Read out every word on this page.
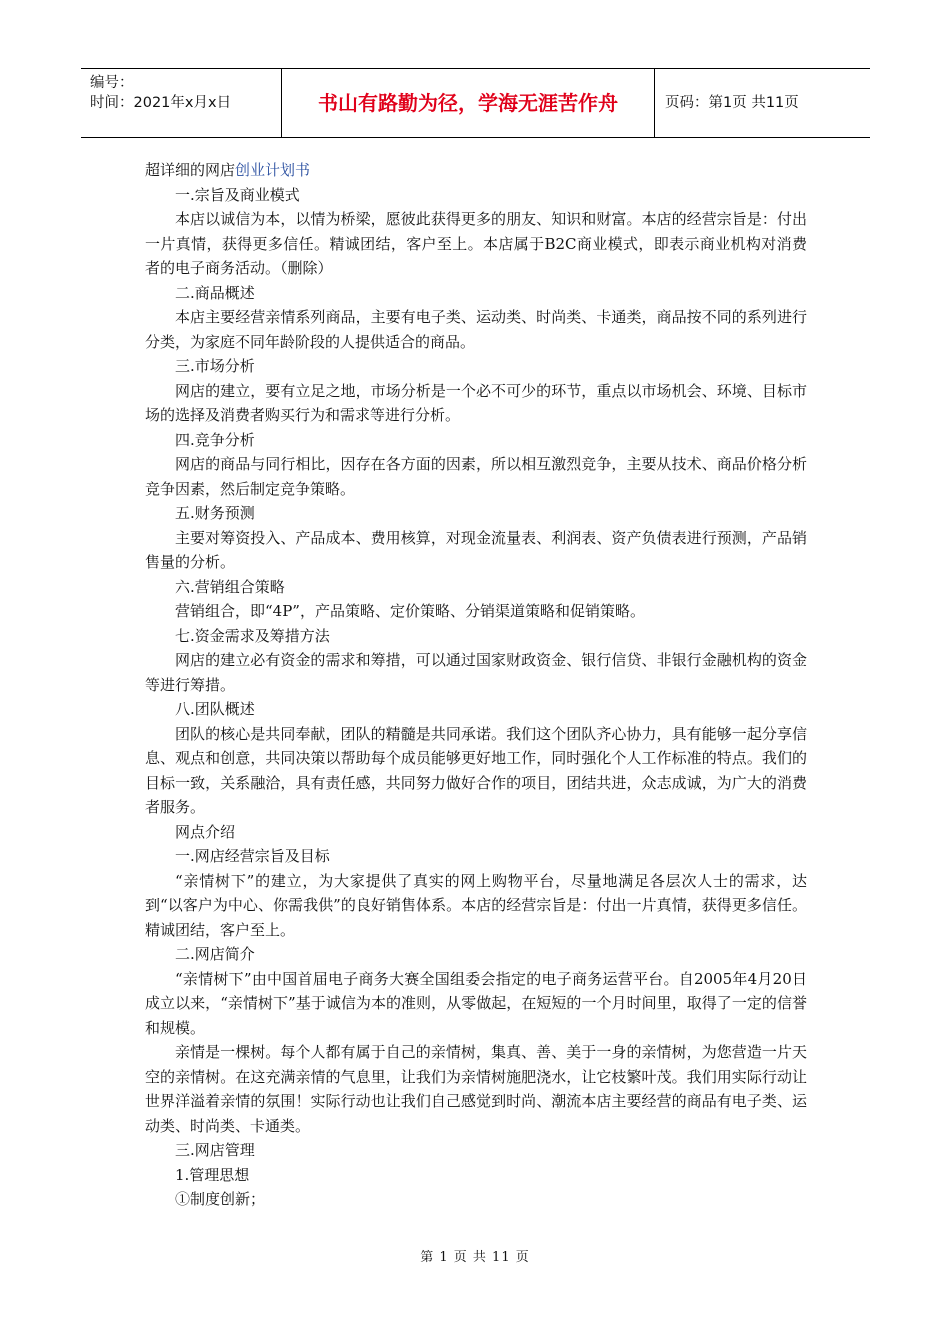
编号：
时间：2021年x月x日	书山有路勤为径，学海无涯苦作舟	页码：第1页 共11页
超详细的网店创业计划书
一.宗旨及商业模式

本店以诚信为本，以情为桥梁，愿彼此获得更多的朋友、知识和财富。本店的经营宗旨是：付出一片真情，获得更多信任。精诚团结，客户至上。本店属于B2C商业模式，即表示商业机构对消费者的电子商务活动。（删除）

二.商品概述

本店主要经营亲情系列商品，主要有电子类、运动类、时尚类、卡通类，商品按不同的系列进行分类，为家庭不同年龄阶段的人提供适合的商品。

三.市场分析

网店的建立，要有立足之地，市场分析是一个必不可少的环节，重点以市场机会、环境、目标市场的选择及消费者购买行为和需求等进行分析。

四.竞争分析

网店的商品与同行相比，因存在各方面的因素，所以相互激烈竞争，主要从技术、商品价格分析竞争因素，然后制定竞争策略。

五.财务预测

主要对筹资投入、产品成本、费用核算，对现金流量表、利润表、资产负债表进行预测，产品销售量的分析。

六.营销组合策略

营销组合，即“4P”，产品策略、定价策略、分销渠道策略和促销策略。

七.资金需求及筹措方法

网店的建立必有资金的需求和筹措，可以通过国家财政资金、银行信贷、非银行金融机构的资金等进行筹措。

八.团队概述

团队的核心是共同奉献，团队的精髓是共同承诺。我们这个团队齐心协力，具有能够一起分享信息、观点和创意，共同决策以帮助每个成员能够更好地工作，同时强化个人工作标准的特点。我们的目标一致，关系融洽，具有责任感，共同努力做好合作的项目，团结共进，众志成诚，为广大的消费者服务。

网点介绍
一.网店经营宗旨及目标

“亲情树下”的建立，为大家提供了真实的网上购物平台，尽量地满足各层次人士的需求，达到“以客户为中心、你需我供”的良好销售体系。本店的经营宗旨是：付出一片真情，获得更多信任。精诚团结，客户至上。

二.网店简介

“亲情树下”由中国首届电子商务大赛全国组委会指定的电子商务运营平台。自2005年4月20日成立以来，“亲情树下”基于诚信为本的准则，从零做起，在短短的一个月时间里，取得了一定的信誉和规模。

亲情是一棵树。每个人都有属于自己的亲情树，集真、善、美于一身的亲情树，为您营造一片天空的亲情树。在这充满亲情的气息里，让我们为亲情树施肥浇水，让它枝繁叶茂。我们用实际行动让世界洋溢着亲情的氛围！实际行动也让我们自己感觉到时尚、潮流本店主要经营的商品有电子类、运动类、时尚类、卡通类。

三.网店管理
1.管理思想
①制度创新；
第 1 页 共 11 页
